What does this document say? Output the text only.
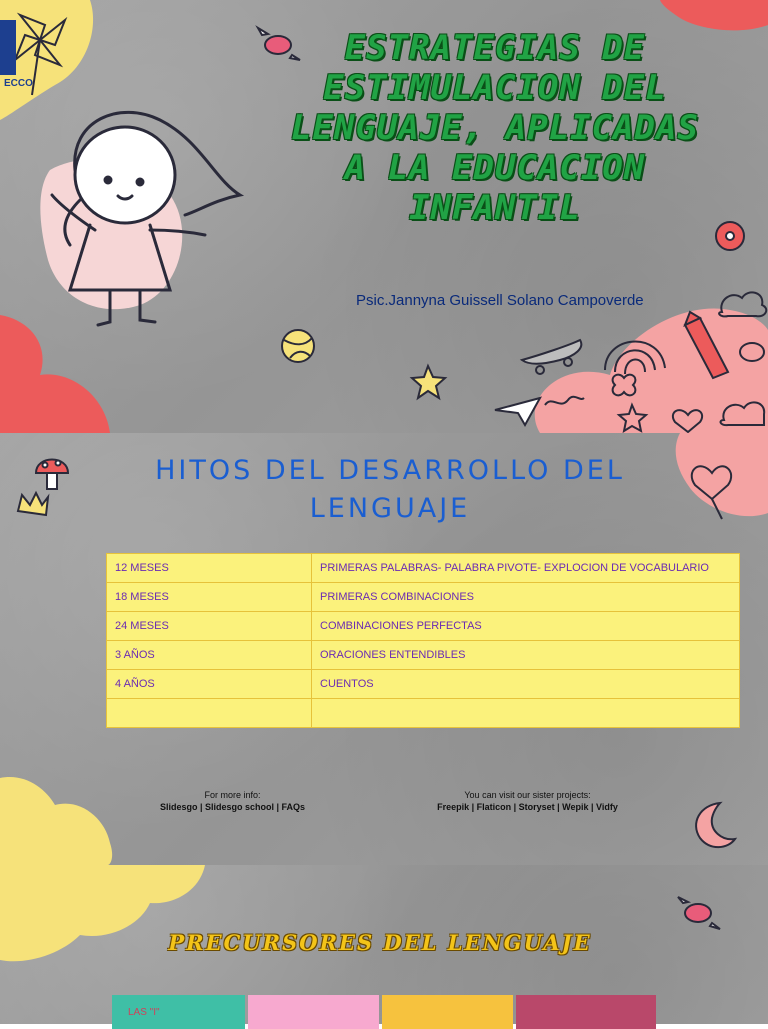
ECCO
ESTRATEGIAS DE ESTIMULACION DEL LENGUAJE, APLICADAS A LA EDUCACION INFANTIL
Psic.Jannyna Guissell Solano Campoverde
HITOS DEL DESARROLLO DEL LENGUAJE
12 MESES	PRIMERAS PALABRAS- PALABRA PIVOTE- EXPLOCION DE VOCABULARIO
18 MESES	PRIMERAS COMBINACIONES
24 MESES	COMBINACIONES PERFECTAS
3 AÑOS	ORACIONES ENTENDIBLES
4 AÑOS	CUENTOS

For more info:
Slidesgo | Slidesgo school | FAQs
You can visit our sister projects:
Freepik | Flaticon | Storyset | Wepik | Vidfy
PRECURSORES DEL LENGUAJE
LAS "I"
